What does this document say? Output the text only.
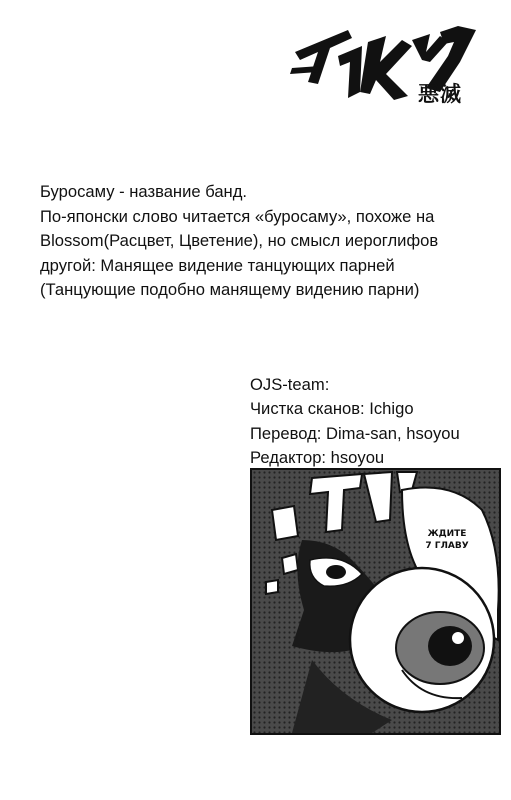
悪滅

Буросаму - название банд.

По-японски слово читается «буросаму», похоже на

Blossom(Расцвет, Цветение), но смысл иероглифов

другой: Манящее видение танцующих парней

(Танцующие подобно манящему видению парни)

OJS-team:

Чистка сканов: Ichigo

Перевод: Dima-san, hsoyou

Редактор: hsoyou

ЖДИТЕ
7 ГЛАВУ
